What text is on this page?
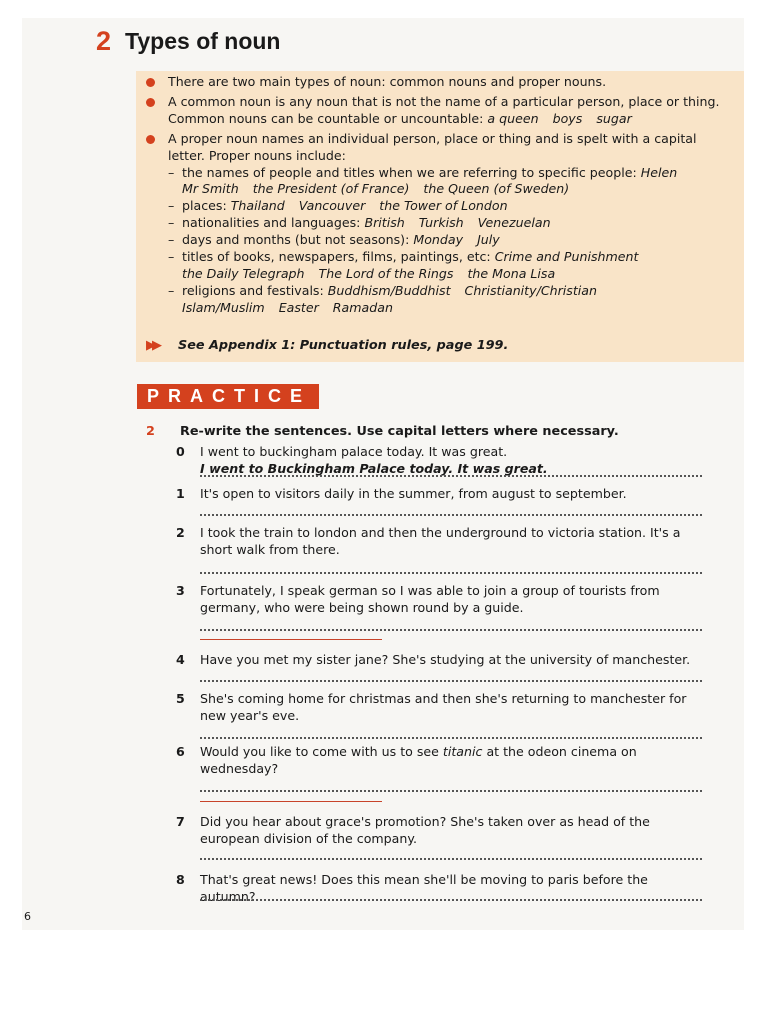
2 Types of noun
There are two main types of noun: common nouns and proper nouns.
A common noun is any noun that is not the name of a particular person, place or thing. Common nouns can be countable or uncountable: a queen boys sugar
A proper noun names an individual person, place or thing and is spelt with a capital letter. Proper nouns include:
– the names of people and titles when we are referring to specific people: Helen
Mr Smith the President (of France) the Queen (of Sweden)
– places: Thailand Vancouver the Tower of London
– nationalities and languages: British Turkish Venezuelan
– days and months (but not seasons): Monday July
– titles of books, newspapers, films, paintings, etc: Crime and Punishment
the Daily Telegraph The Lord of the Rings the Mona Lisa
– religions and festivals: Buddhism/Buddhist Christianity/Christian
Islam/Muslim Easter Ramadan
▶▶ See Appendix 1: Punctuation rules, page 199.
PRACTICE
2 Re-write the sentences. Use capital letters where necessary.
0	I went to buckingham palace today. It was great.
I went to Buckingham Palace today. It was great.
1	It's open to visitors daily in the summer, from august to september.
2	I took the train to london and then the underground to victoria station. It's a
short walk from there.
3	Fortunately, I speak german so I was able to join a group of tourists from
germany, who were being shown round by a guide.
4	Have you met my sister jane? She's studying at the university of manchester.
5	She's coming home for christmas and then she's returning to manchester for
new year's eve.
6	Would you like to come with us to see titanic at the odeon cinema on
wednesday?
7	Did you hear about grace's promotion? She's taken over as head of the
european division of the company.
8	That's great news! Does this mean she'll be moving to paris before the autumn?
6
